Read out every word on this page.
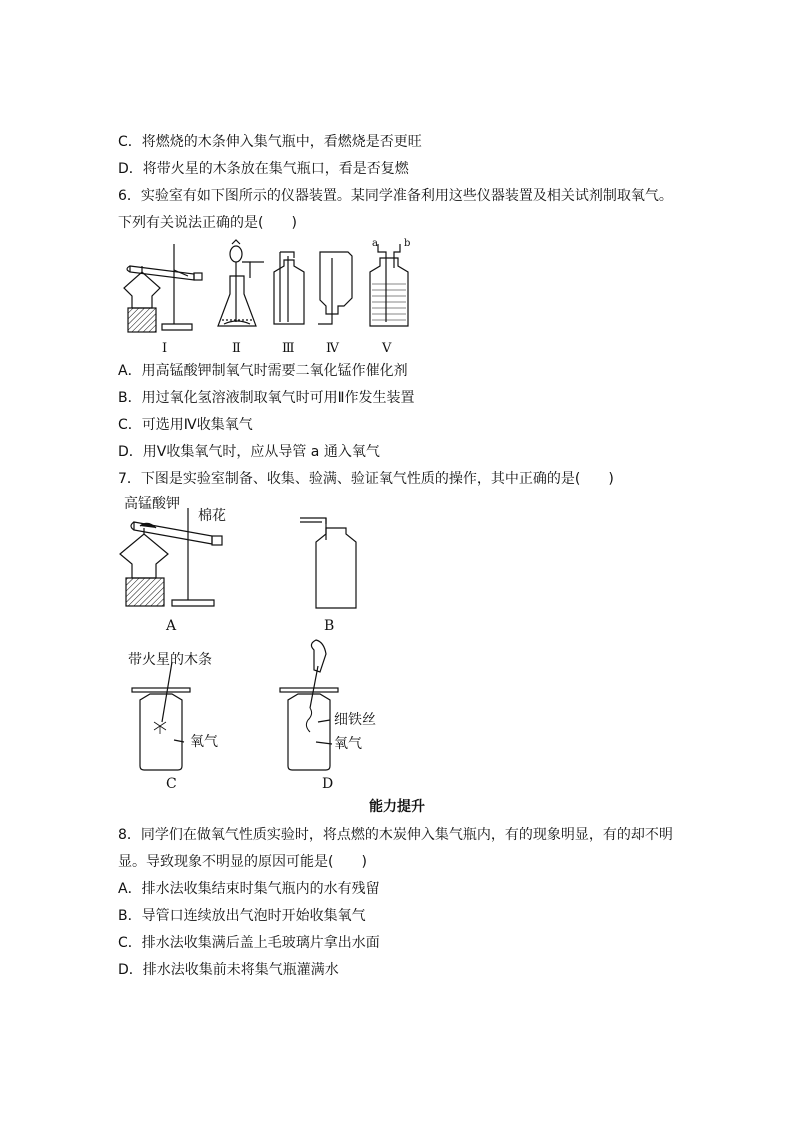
C．将燃烧的木条伸入集气瓶中，看燃烧是否更旺
D．将带火星的木条放在集气瓶口，看是否复燃
6．实验室有如下图所示的仪器装置。某同学准备利用这些仪器装置及相关试剂制取氧气。
下列有关说法正确的是(　　)
a	b
Ⅰ	Ⅱ	Ⅲ Ⅳ	Ⅴ
A．用高锰酸钾制氧气时需要二氧化锰作催化剂
B．用过氧化氢溶液制取氧气时可用Ⅱ作发生装置
C．可选用Ⅳ收集氧气
D．用Ⅴ收集氧气时，应从导管 a 通入氧气
7．下图是实验室制备、收集、验满、验证氧气性质的操作，其中正确的是(　　)
高锰酸钾
棉花
A	B
带火星的木条
氧气
C
细铁丝
氧气
D
能力提升
8．同学们在做氧气性质实验时，将点燃的木炭伸入集气瓶内，有的现象明显，有的却不明
显。导致现象不明显的原因可能是(　　)
A．排水法收集结束时集气瓶内的水有残留
B．导管口连续放出气泡时开始收集氧气
C．排水法收集满后盖上毛玻璃片拿出水面
D．排水法收集前未将集气瓶灌满水
